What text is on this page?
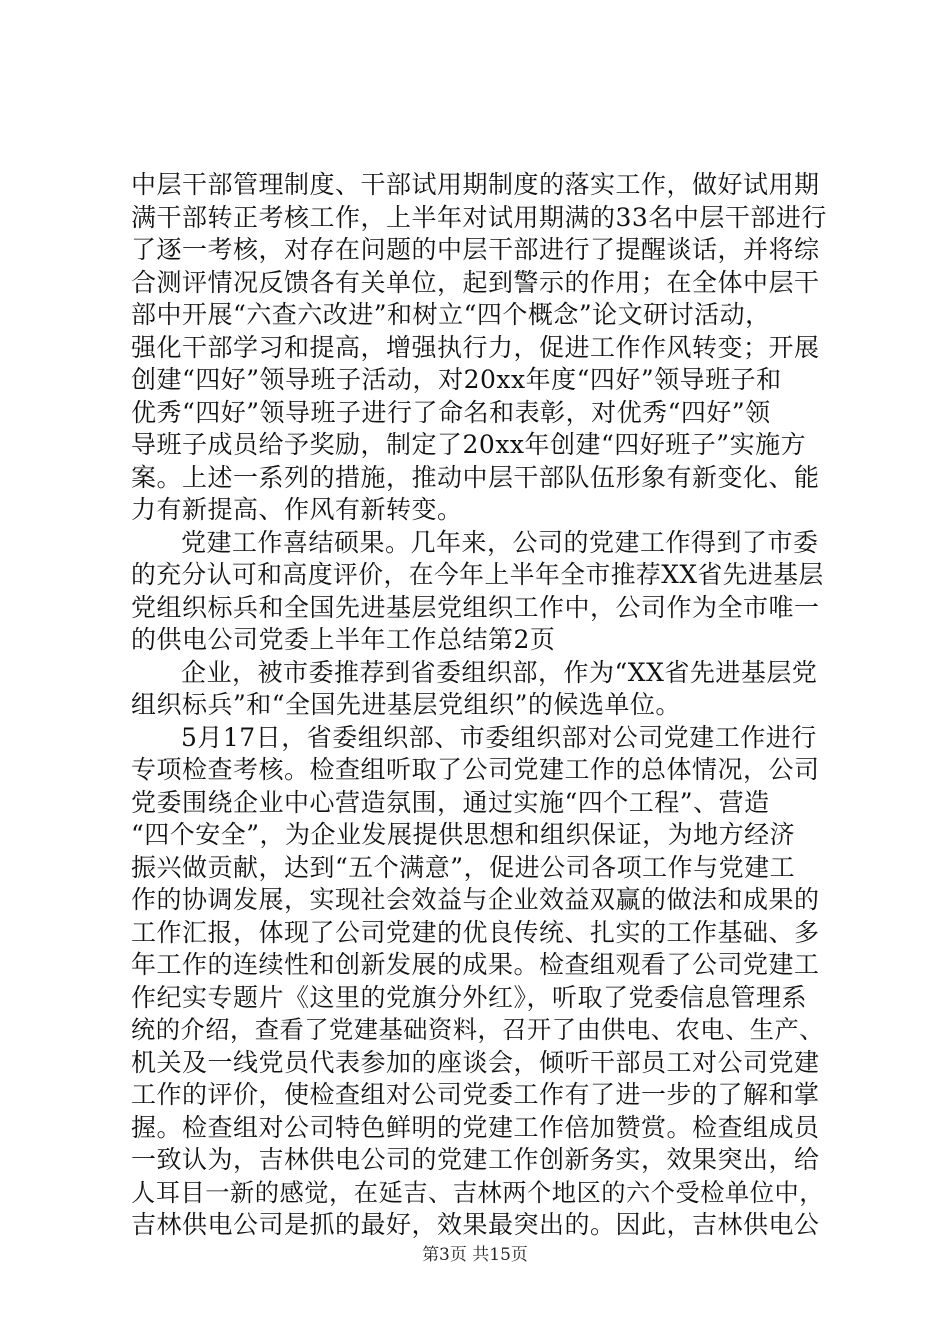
中层干部管理制度、干部试用期制度的落实工作，做好试用期
满干部转正考核工作，上半年对试用期满的33名中层干部进行
了逐一考核，对存在问题的中层干部进行了提醒谈话，并将综
合测评情况反馈各有关单位，起到警示的作用；在全体中层干
部中开展“六查六改进”和树立“四个概念”论文研讨活动，
强化干部学习和提高，增强执行力，促进工作作风转变；开展
创建“四好”领导班子活动，对20xx年度“四好”领导班子和
优秀“四好”领导班子进行了命名和表彰，对优秀“四好”领
导班子成员给予奖励，制定了20xx年创建“四好班子”实施方
案。上述一系列的措施，推动中层干部队伍形象有新变化、能
力有新提高、作风有新转变。
党建工作喜结硕果。几年来，公司的党建工作得到了市委
的充分认可和高度评价，在今年上半年全市推荐XX省先进基层
党组织标兵和全国先进基层党组织工作中，公司作为全市唯一
的供电公司党委上半年工作总结第2页
企业，被市委推荐到省委组织部，作为“XX省先进基层党
组织标兵”和“全国先进基层党组织”的候选单位。
5月17日，省委组织部、市委组织部对公司党建工作进行
专项检查考核。检查组听取了公司党建工作的总体情况，公司
党委围绕企业中心营造氛围，通过实施“四个工程”、营造
“四个安全”，为企业发展提供思想和组织保证，为地方经济
振兴做贡献，达到“五个满意”，促进公司各项工作与党建工
作的协调发展，实现社会效益与企业效益双赢的做法和成果的
工作汇报，体现了公司党建的优良传统、扎实的工作基础、多
年工作的连续性和创新发展的成果。检查组观看了公司党建工
作纪实专题片《这里的党旗分外红》，听取了党委信息管理系
统的介绍，查看了党建基础资料，召开了由供电、农电、生产、
机关及一线党员代表参加的座谈会，倾听干部员工对公司党建
工作的评价，使检查组对公司党委工作有了进一步的了解和掌
握。检查组对公司特色鲜明的党建工作倍加赞赏。检查组成员
一致认为，吉林供电公司的党建工作创新务实，效果突出，给
人耳目一新的感觉，在延吉、吉林两个地区的六个受检单位中，
吉林供电公司是抓的最好，效果最突出的。因此，吉林供电公
第3页 共15页
